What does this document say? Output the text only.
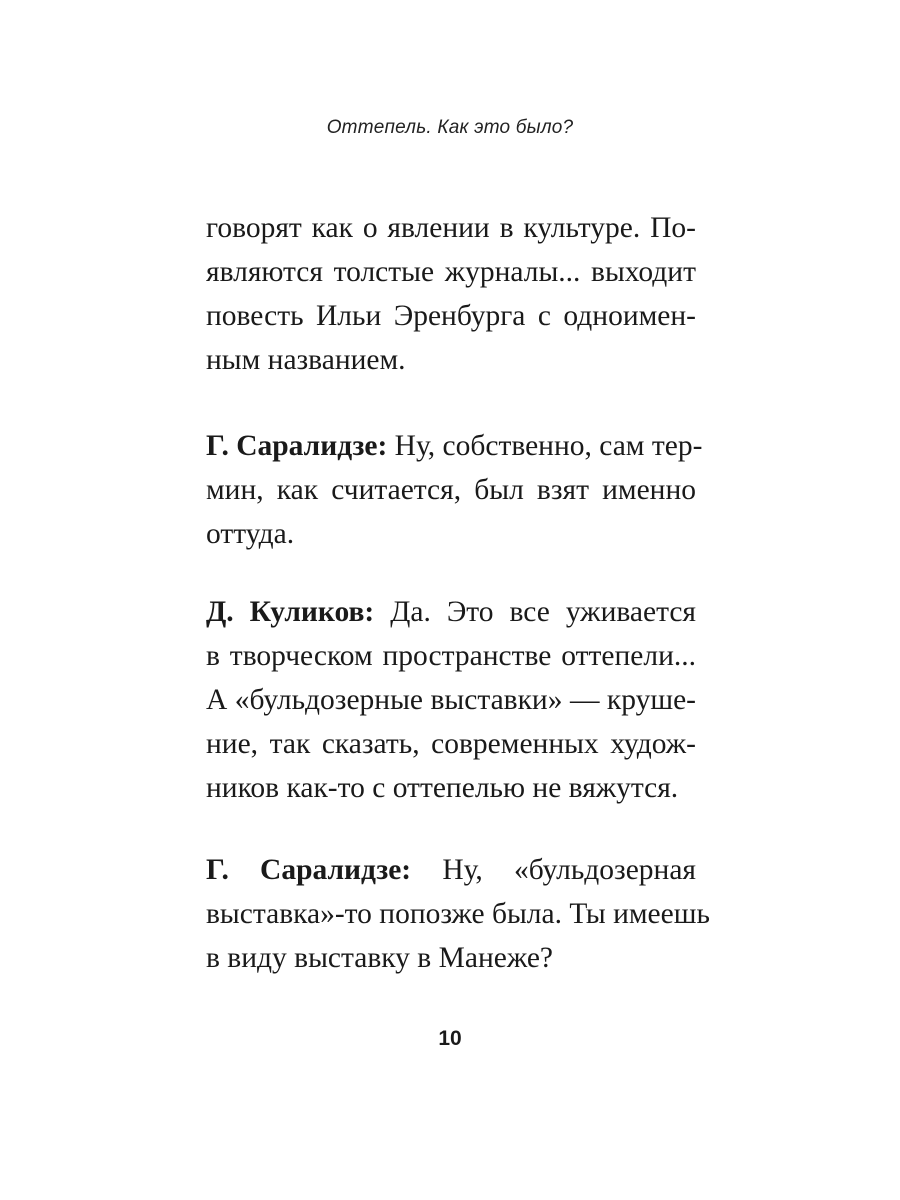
Оттепель. Как это было?
говорят как о явлении в культуре. По-
являются толстые журналы... выходит
повесть Ильи Эренбурга с одноимен-
ным названием.
Г. Саралидзе: Ну, собственно, сам тер-
мин, как считается, был взят именно
оттуда.
Д. Куликов: Да. Это все уживается
в творческом пространстве оттепели...
А «бульдозерные выставки» — круше-
ние, так сказать, современных худож-
ников как-то с оттепелью не вяжутся.
Г. Саралидзе: Ну, «бульдозерная
выставка»-то попозже была. Ты имеешь
в виду выставку в Манеже?
10
